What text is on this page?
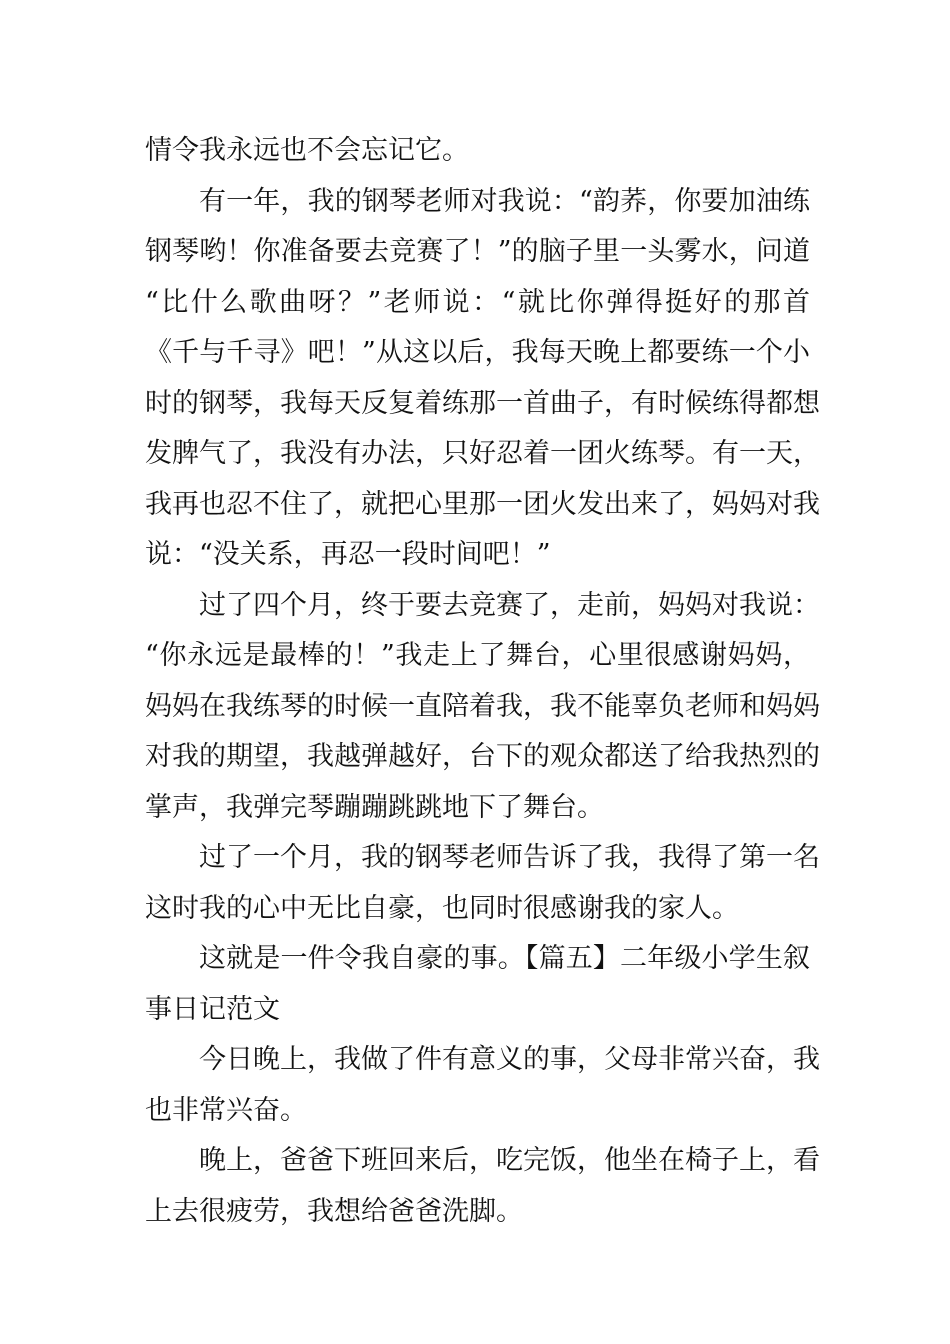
情令我永远也不会忘记它。
有一年，我的钢琴老师对我说：“韵荞，你要加油练
钢琴哟！你准备要去竞赛了！”的脑子里一头雾水，问道
“比什么歌曲呀？”老师说：“就比你弹得挺好的那首
《千与千寻》吧！”从这以后，我每天晚上都要练一个小
时的钢琴，我每天反复着练那一首曲子，有时候练得都想
发脾气了，我没有办法，只好忍着一团火练琴。有一天，
我再也忍不住了，就把心里那一团火发出来了，妈妈对我
说：“没关系，再忍一段时间吧！”
过了四个月，终于要去竞赛了，走前，妈妈对我说：
“你永远是最棒的！”我走上了舞台，心里很感谢妈妈，
妈妈在我练琴的时候一直陪着我，我不能辜负老师和妈妈
对我的期望，我越弹越好，台下的观众都送了给我热烈的
掌声，我弹完琴蹦蹦跳跳地下了舞台。
过了一个月，我的钢琴老师告诉了我，我得了第一名
这时我的心中无比自豪，也同时很感谢我的家人。
这就是一件令我自豪的事。【篇五】二年级小学生叙
事日记范文
今日晚上，我做了件有意义的事，父母非常兴奋，我
也非常兴奋。
晚上，爸爸下班回来后，吃完饭，他坐在椅子上，看
上去很疲劳，我想给爸爸洗脚。
